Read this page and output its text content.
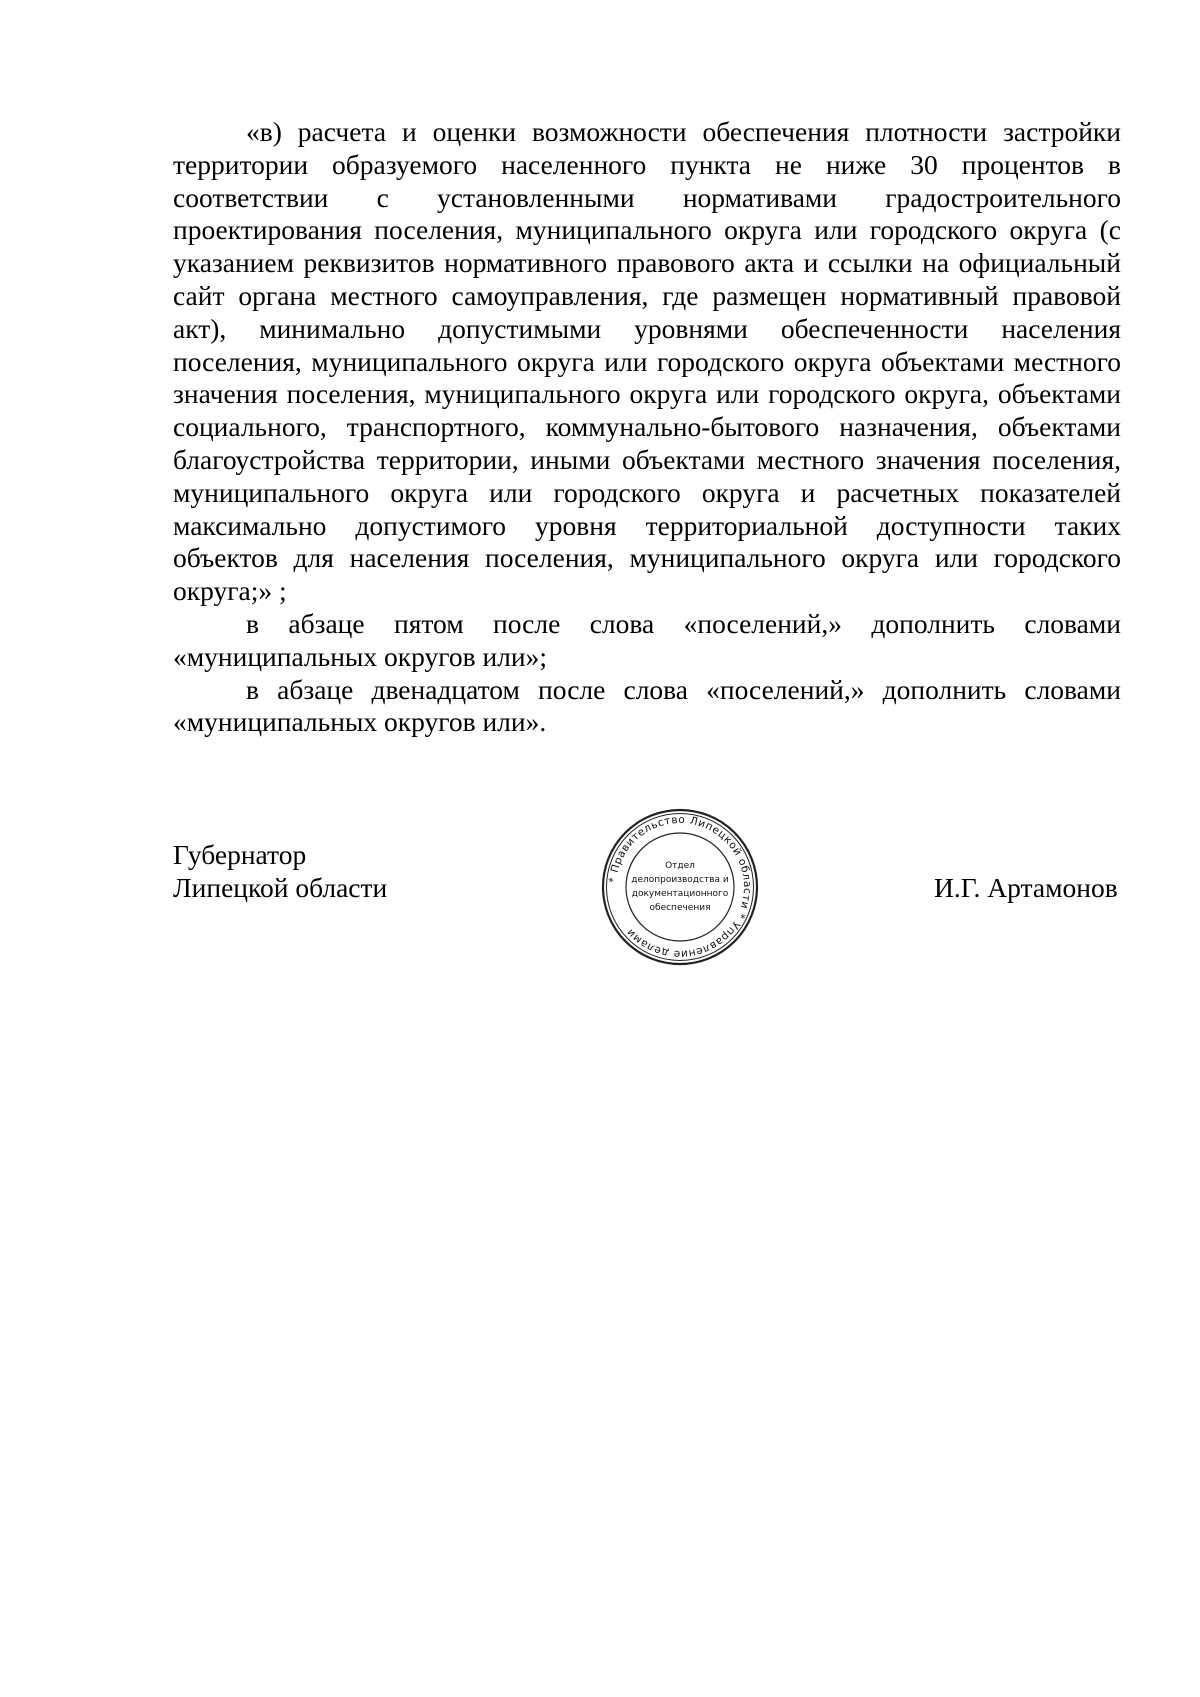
«в) расчета и оценки возможности обеспечения плотности застройки территории образуемого населенного пункта не ниже 30 процентов в соответствии с установленными нормативами градостроительного проектирования поселения, муниципального округа или городского округа (с указанием реквизитов нормативного правового акта и ссылки на официальный сайт органа местного самоуправления, где размещен нормативный правовой акт), минимально допустимыми уровнями обеспеченности населения поселения, муниципального округа или городского округа объектами местного значения поселения, муниципального округа или городского округа, объектами социального, транспортного, коммунально-бытового назначения, объектами благоустройства территории, иными объектами местного значения поселения, муниципального округа или городского округа и расчетных показателей максимально допустимого уровня территориальной доступности таких объектов для населения поселения, муниципального округа или городского округа;» ;

в абзаце пятом после слова «поселений,» дополнить словами «муниципальных округов или»;

в абзаце двенадцатом после слова «поселений,» дополнить словами «муниципальных округов или».

Губернатор
Липецкой области	* Правительство Липецкой области * Управление делами
Отдел
делопроизводства и
документационного
обеспечения
И.Г. Артамонов
